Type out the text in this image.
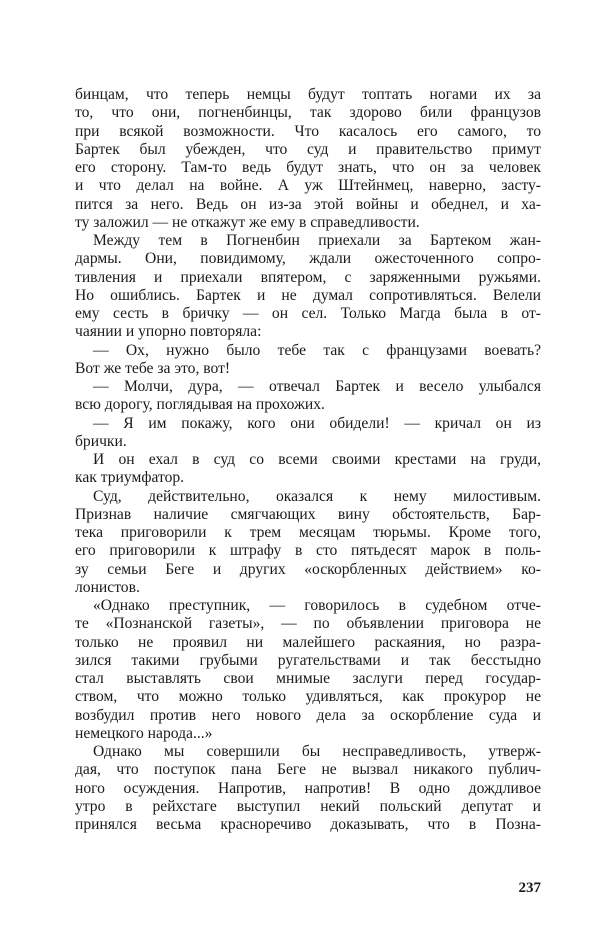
бинцам, что теперь немцы будут топтать ногами их за
то, что они, погненбинцы, так здорово били французов
при всякой возможности. Что касалось его самого, то
Бартек был убежден, что суд и правительство примут
его сторону. Там-то ведь будут знать, что он за человек
и что делал на войне. А уж Штейнмец, наверно, засту-
пится за него. Ведь он из-за этой войны и обеднел, и ха-
ту заложил — не откажут же ему в справедливости.
Между тем в Погненбин приехали за Бартеком жан-
дармы. Они, повидимому, ждали ожесточенного сопро-
тивления и приехали впятером, с заряженными ружьями.
Но ошиблись. Бартек и не думал сопротивляться. Велели
ему сесть в бричку — он сел. Только Магда была в от-
чаянии и упорно повторяла:
— Ох, нужно было тебе так с французами воевать?
Вот же тебе за это, вот!
— Молчи, дура, — отвечал Бартек и весело улыбался
всю дорогу, поглядывая на прохожих.
— Я им покажу, кого они обидели! — кричал он из
брички.
И он ехал в суд со всеми своими крестами на груди,
как триумфатор.
Суд, действительно, оказался к нему милостивым.
Признав наличие смягчающих вину обстоятельств, Бар-
тека приговорили к трем месяцам тюрьмы. Кроме того,
его приговорили к штрафу в сто пятьдесят марок в поль-
зу семьи Беге и других «оскорбленных действием» ко-
лонистов.
«Однако преступник, — говорилось в судебном отче-
те «Познанской газеты», — по объявлении приговора не
только не проявил ни малейшего раскаяния, но разра-
зился такими грубыми ругательствами и так бесстыдно
стал выставлять свои мнимые заслуги перед государ-
ством, что можно только удивляться, как прокурор не
возбудил против него нового дела за оскорбление суда и
немецкого народа...»
Однако мы совершили бы несправедливость, утверж-
дая, что поступок пана Беге не вызвал никакого публич-
ного осуждения. Напротив, напротив! В одно дождливое
утро в рейхстаге выступил некий польский депутат и
принялся весьма красноречиво доказывать, что в Позна-
237
